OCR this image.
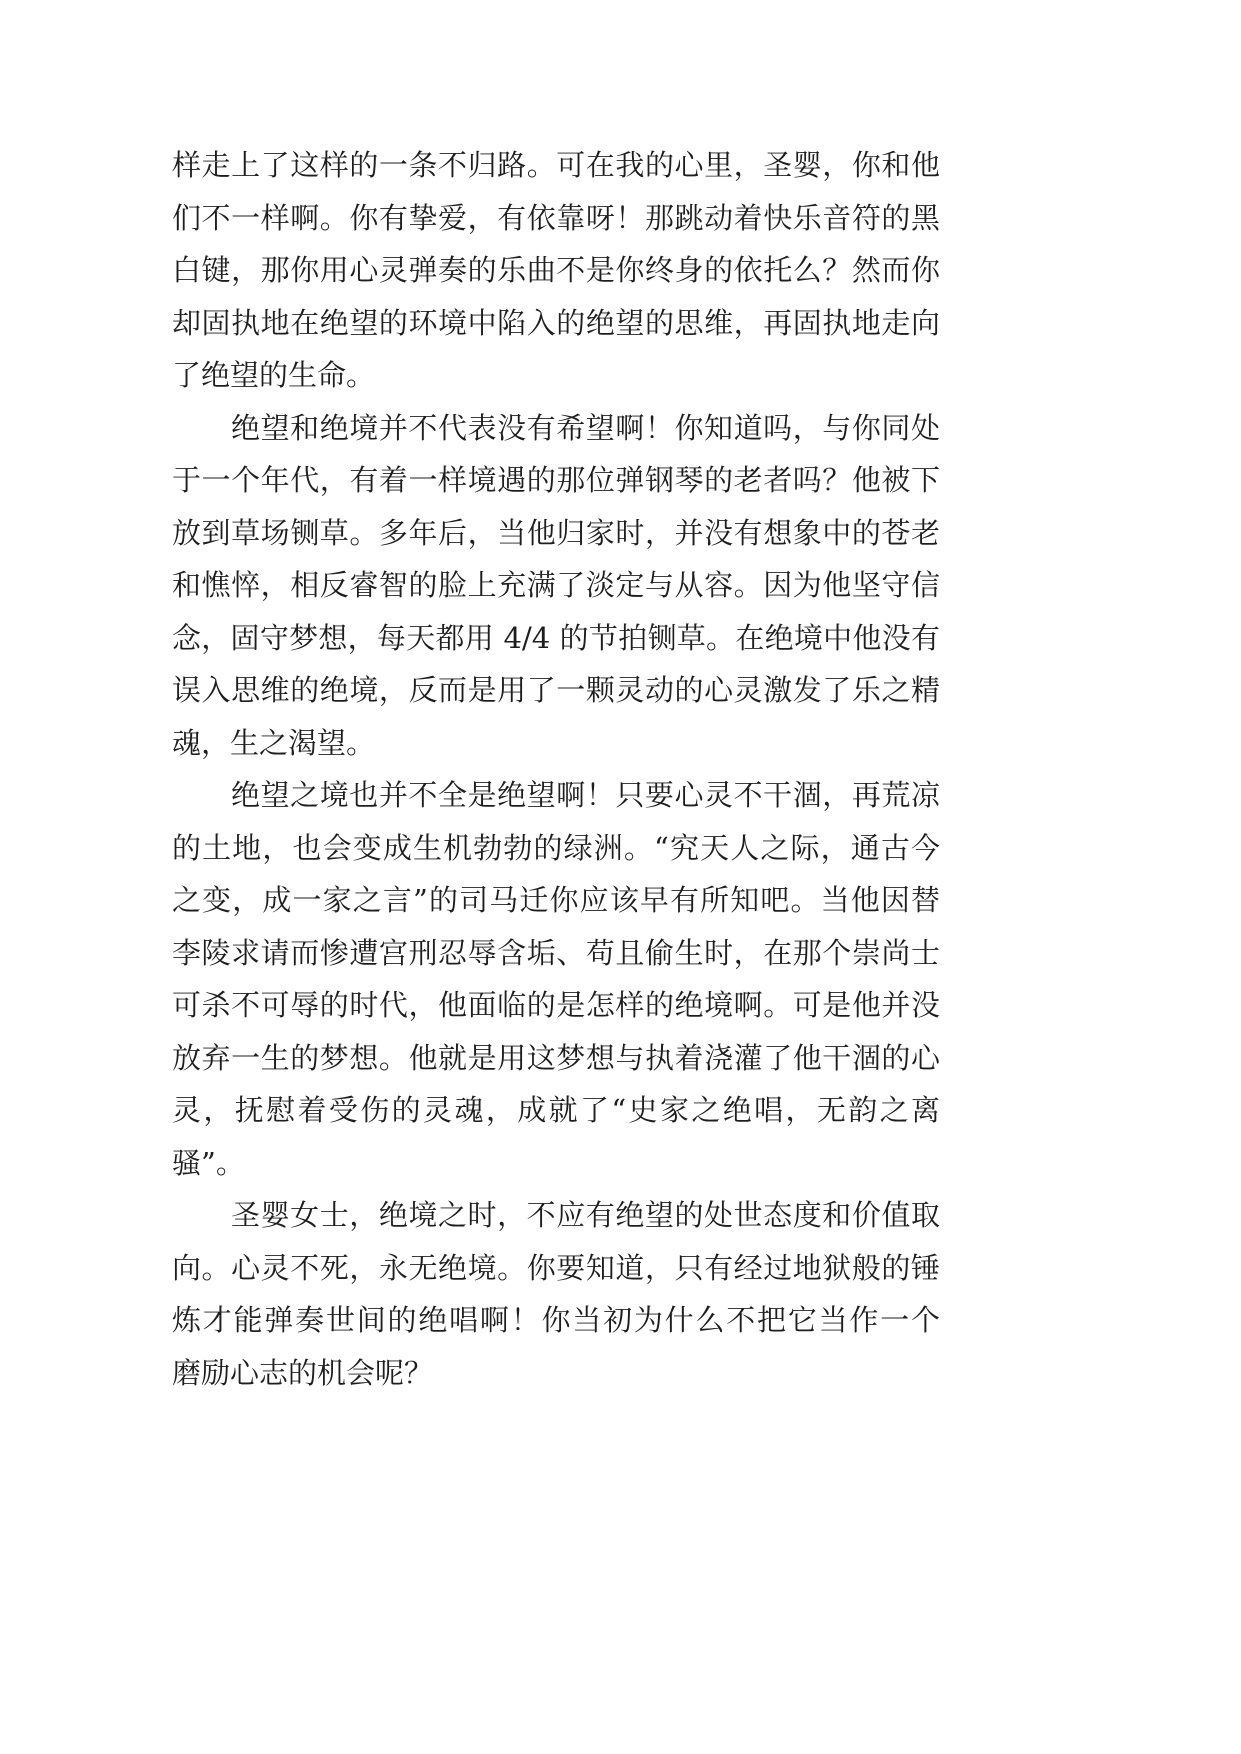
样走上了这样的一条不归路。可在我的心里，圣婴，你和他
们不一样啊。你有挚爱，有依靠呀！那跳动着快乐音符的黑
白键，那你用心灵弹奏的乐曲不是你终身的依托么？然而你
却固执地在绝望的环境中陷入的绝望的思维，再固执地走向
了绝望的生命。
绝望和绝境并不代表没有希望啊！你知道吗，与你同处
于一个年代，有着一样境遇的那位弹钢琴的老者吗？他被下
放到草场铡草。多年后，当他归家时，并没有想象中的苍老
和憔悴，相反睿智的脸上充满了淡定与从容。因为他坚守信
念，固守梦想，每天都用 4/4 的节拍铡草。在绝境中他没有
误入思维的绝境，反而是用了一颗灵动的心灵激发了乐之精
魂，生之渴望。
绝望之境也并不全是绝望啊！只要心灵不干涸，再荒凉
的土地，也会变成生机勃勃的绿洲。“究天人之际，通古今
之变，成一家之言”的司马迁你应该早有所知吧。当他因替
李陵求请而惨遭宫刑忍辱含垢、苟且偷生时，在那个崇尚士
可杀不可辱的时代，他面临的是怎样的绝境啊。可是他并没
放弃一生的梦想。他就是用这梦想与执着浇灌了他干涸的心
灵，抚慰着受伤的灵魂，成就了“史家之绝唱，无韵之离
骚”。
圣婴女士，绝境之时，不应有绝望的处世态度和价值取
向。心灵不死，永无绝境。你要知道，只有经过地狱般的锤
炼才能弹奏世间的绝唱啊！你当初为什么不把它当作一个
磨励心志的机会呢？
